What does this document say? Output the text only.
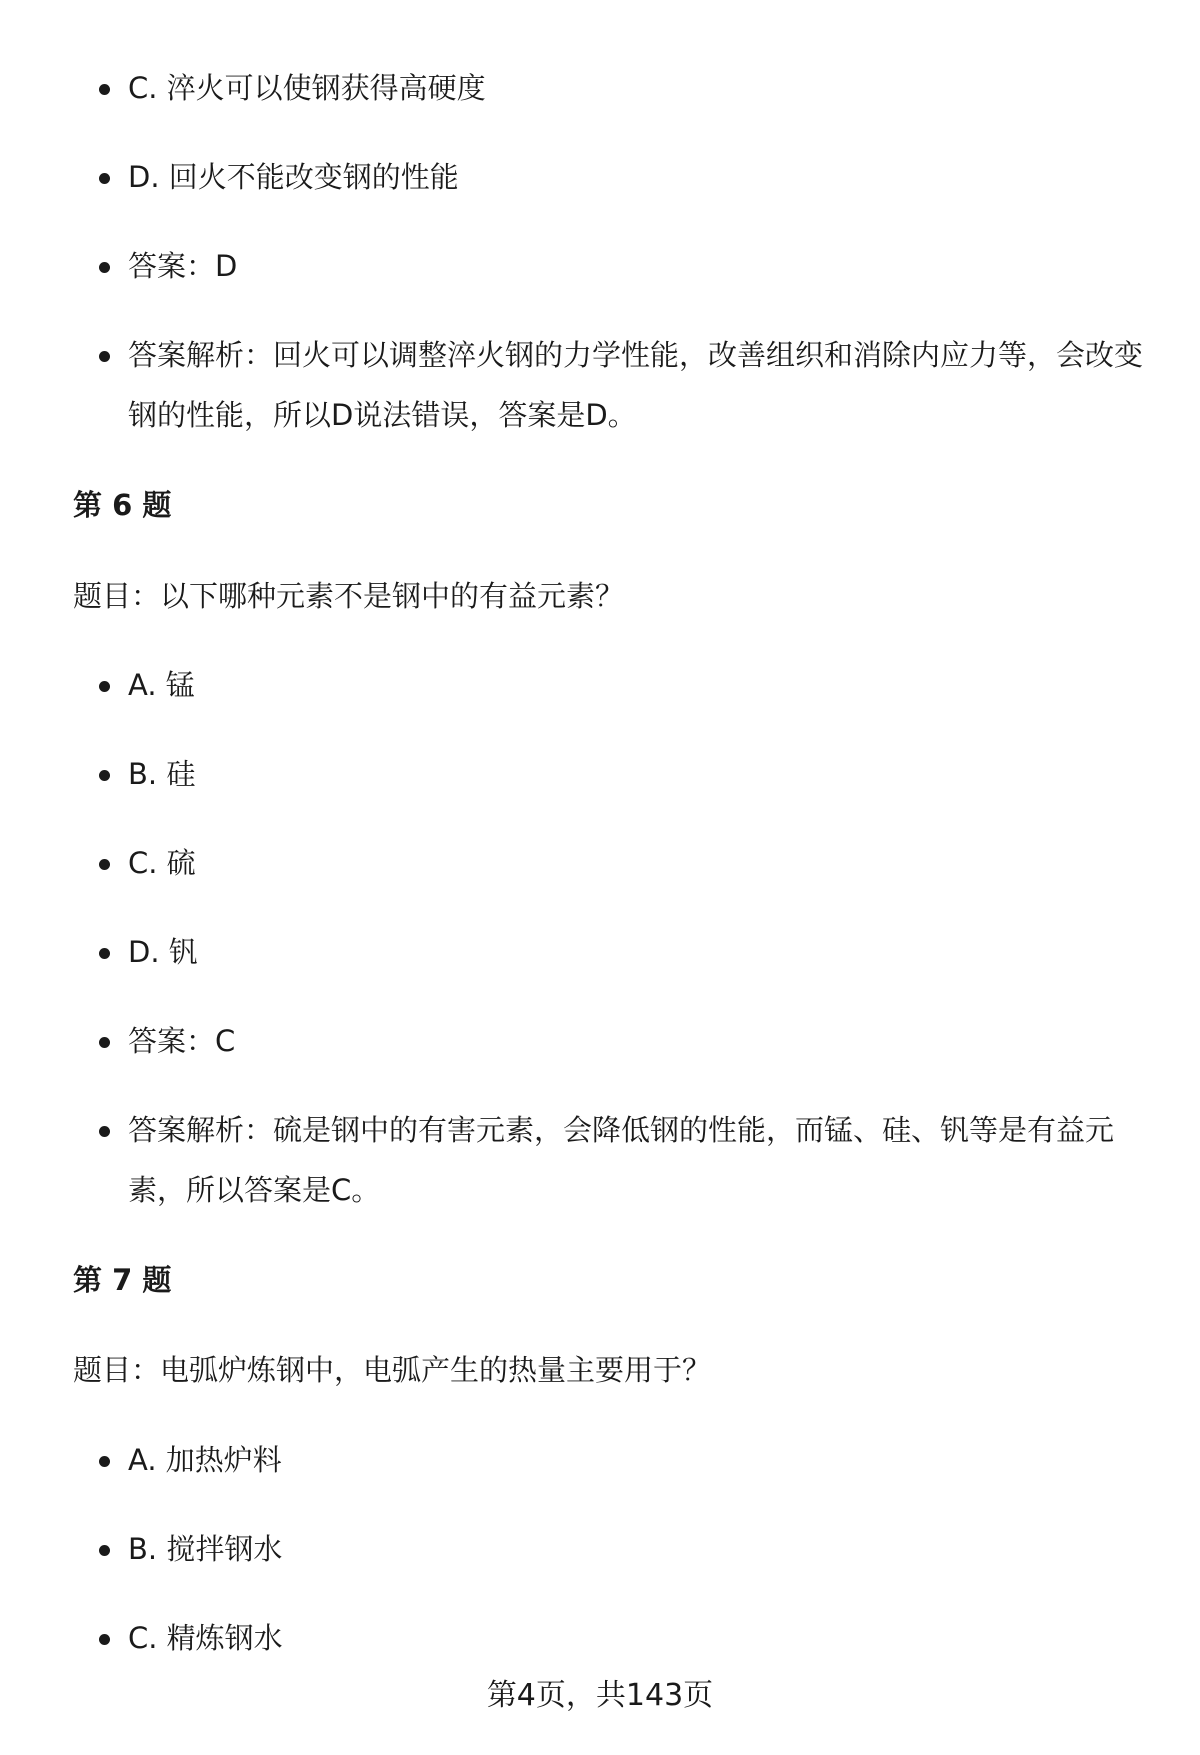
C. 淬火可以使钢获得高硬度
D. 回火不能改变钢的性能
答案：D
答案解析：回火可以调整淬火钢的力学性能，改善组织和消除内应力等，会改变钢的性能，所以D说法错误，答案是D。
第 6 题
题目：以下哪种元素不是钢中的有益元素？
A. 锰
B. 硅
C. 硫
D. 钒
答案：C
答案解析：硫是钢中的有害元素，会降低钢的性能，而锰、硅、钒等是有益元素，所以答案是C。
第 7 题
题目：电弧炉炼钢中，电弧产生的热量主要用于？
A. 加热炉料
B. 搅拌钢水
C. 精炼钢水
第4页，共143页
